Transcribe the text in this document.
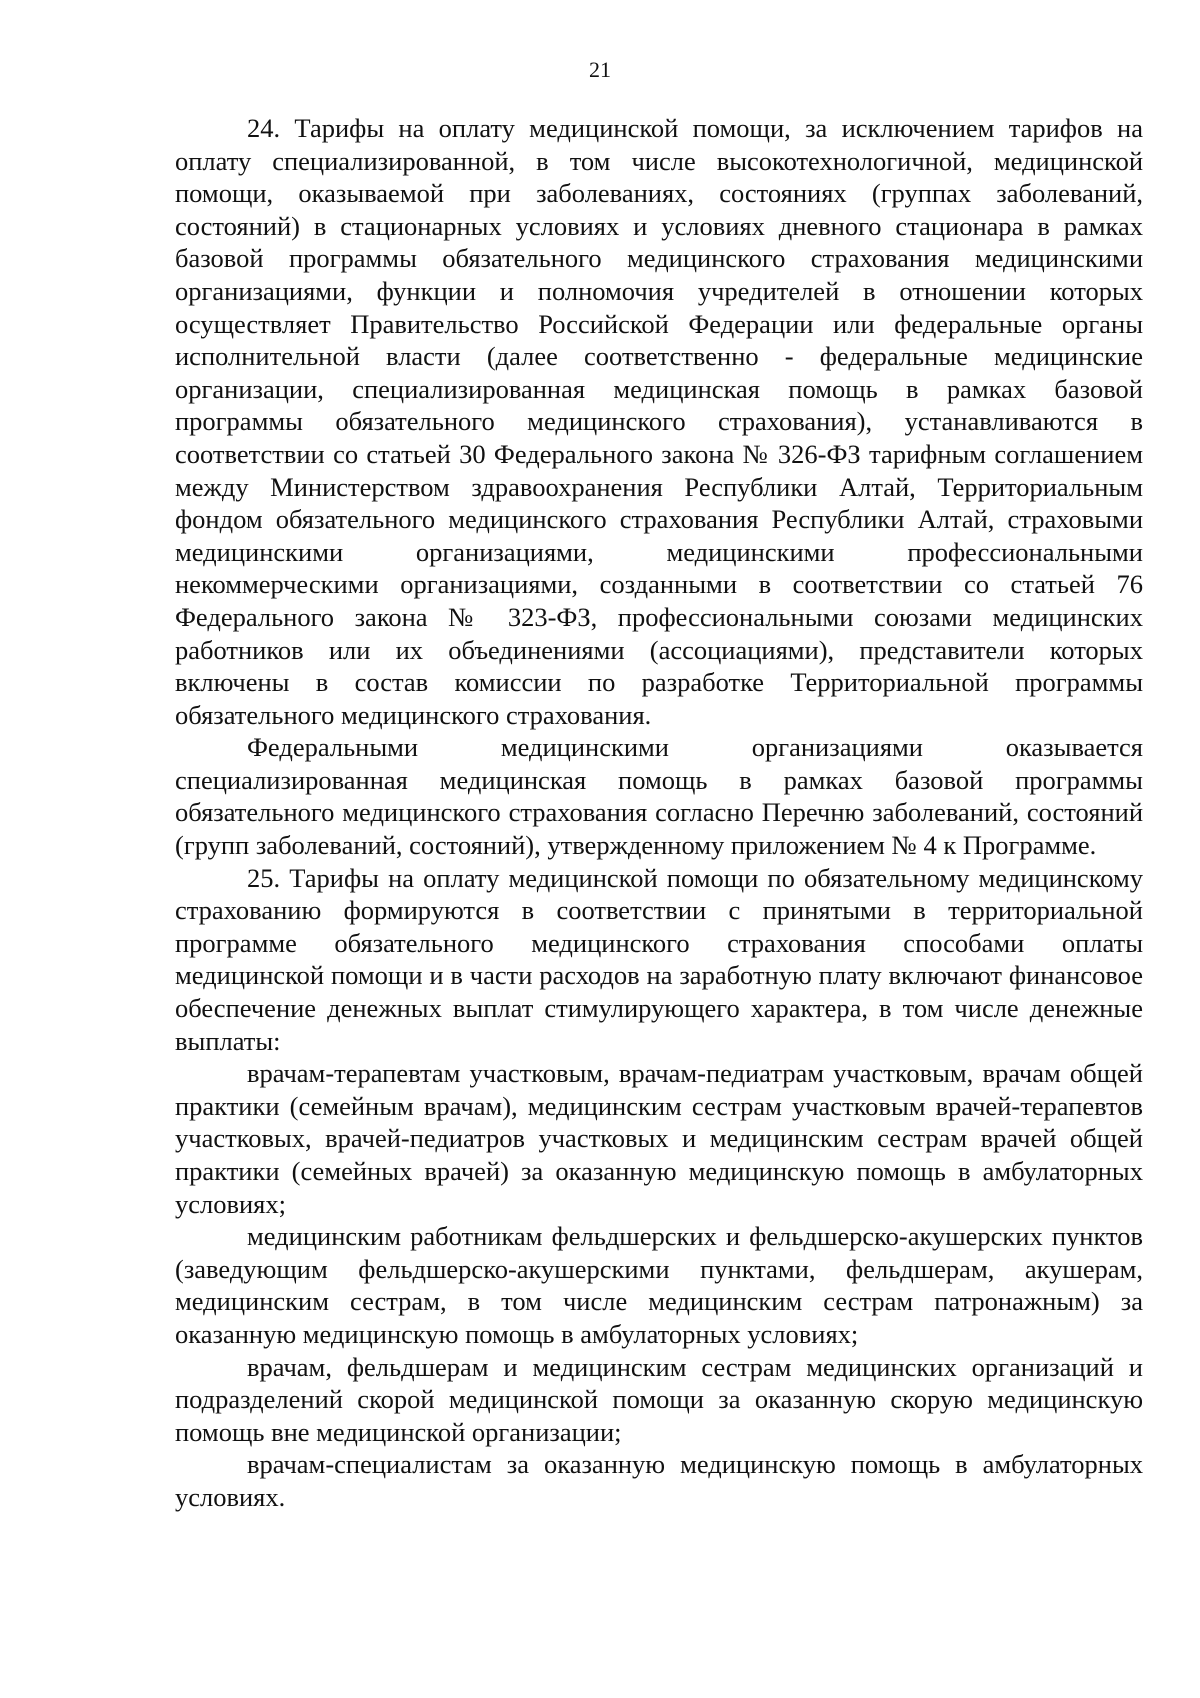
21

24. Тарифы на оплату медицинской помощи, за исключением тарифов на оплату специализированной, в том числе высокотехнологичной, медицинской помощи, оказываемой при заболеваниях, состояниях (группах заболеваний, состояний) в стационарных условиях и условиях дневного стационара в рамках базовой программы обязательного медицинского страхования медицинскими организациями, функции и полномочия учредителей в отношении которых осуществляет Правительство Российской Федерации или федеральные органы исполнительной власти (далее соответственно - федеральные медицинские организации, специализированная медицинская помощь в рамках базовой программы обязательного медицинского страхования), устанавливаются в соответствии со статьей 30 Федерального закона № 326-ФЗ тарифным соглашением между Министерством здравоохранения Республики Алтай, Территориальным фондом обязательного медицинского страхования Республики Алтай, страховыми медицинскими организациями, медицинскими профессиональными некоммерческими организациями, созданными в соответствии со статьей 76 Федерального закона № 323-ФЗ, профессиональными союзами медицинских работников или их объединениями (ассоциациями), представители которых включены в состав комиссии по разработке Территориальной программы обязательного медицинского страхования.

Федеральными медицинскими организациями оказывается специализированная медицинская помощь в рамках базовой программы обязательного медицинского страхования согласно Перечню заболеваний, состояний (групп заболеваний, состояний), утвержденному приложением № 4 к Программе.

25. Тарифы на оплату медицинской помощи по обязательному медицинскому страхованию формируются в соответствии с принятыми в территориальной программе обязательного медицинского страхования способами оплаты медицинской помощи и в части расходов на заработную плату включают финансовое обеспечение денежных выплат стимулирующего характера, в том числе денежные выплаты:

врачам-терапевтам участковым, врачам-педиатрам участковым, врачам общей практики (семейным врачам), медицинским сестрам участковым врачей-терапевтов участковых, врачей-педиатров участковых и медицинским сестрам врачей общей практики (семейных врачей) за оказанную медицинскую помощь в амбулаторных условиях;

медицинским работникам фельдшерских и фельдшерско-акушерских пунктов (заведующим фельдшерско-акушерскими пунктами, фельдшерам, акушерам, медицинским сестрам, в том числе медицинским сестрам патронажным) за оказанную медицинскую помощь в амбулаторных условиях;

врачам, фельдшерам и медицинским сестрам медицинских организаций и подразделений скорой медицинской помощи за оказанную скорую медицинскую помощь вне медицинской организации;

врачам-специалистам за оказанную медицинскую помощь в амбулаторных условиях.
